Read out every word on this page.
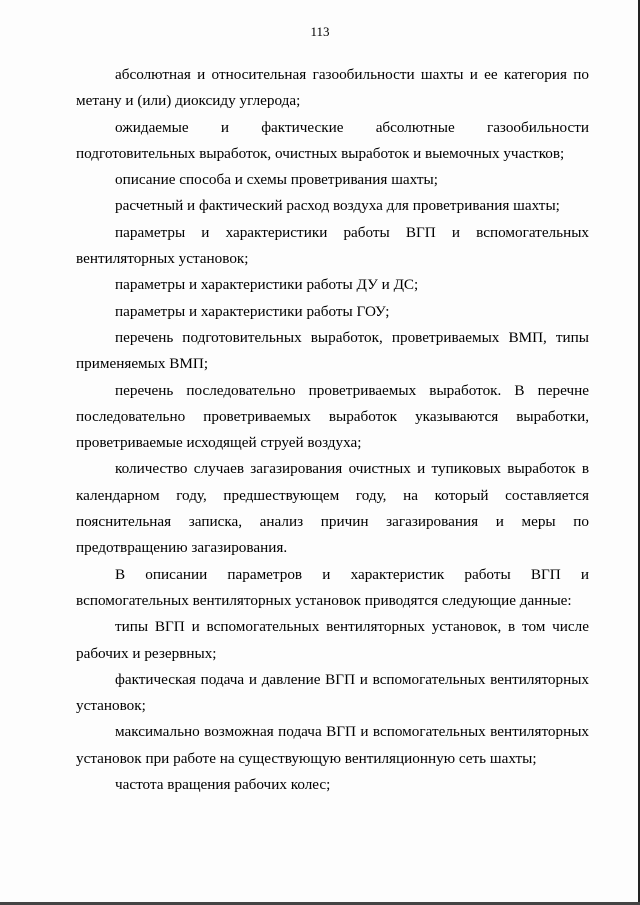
113

абсолютная и относительная газообильности шахты и ее категория по метану и (или) диоксиду углерода;

ожидаемые и фактические абсолютные газообильности подготовительных выработок, очистных выработок и выемочных участков;

описание способа и схемы проветривания шахты;

расчетный и фактический расход воздуха для проветривания шахты;

параметры и характеристики работы ВГП и вспомогательных вентиляторных установок;

параметры и характеристики работы ДУ и ДС;

параметры и характеристики работы ГОУ;

перечень подготовительных выработок, проветриваемых ВМП, типы применяемых ВМП;

перечень последовательно проветриваемых выработок. В перечне последовательно проветриваемых выработок указываются выработки, проветриваемые исходящей струей воздуха;

количество случаев загазирования очистных и тупиковых выработок в календарном году, предшествующем году, на который составляется пояснительная записка, анализ причин загазирования и меры по предотвращению загазирования.

В описании параметров и характеристик работы ВГП и вспомогательных вентиляторных установок приводятся следующие данные:

типы ВГП и вспомогательных вентиляторных установок, в том числе рабочих и резервных;

фактическая подача и давление ВГП и вспомогательных вентиляторных установок;

максимально возможная подача ВГП и вспомогательных вентиляторных установок при работе на существующую вентиляционную сеть шахты;

частота вращения рабочих колес;
